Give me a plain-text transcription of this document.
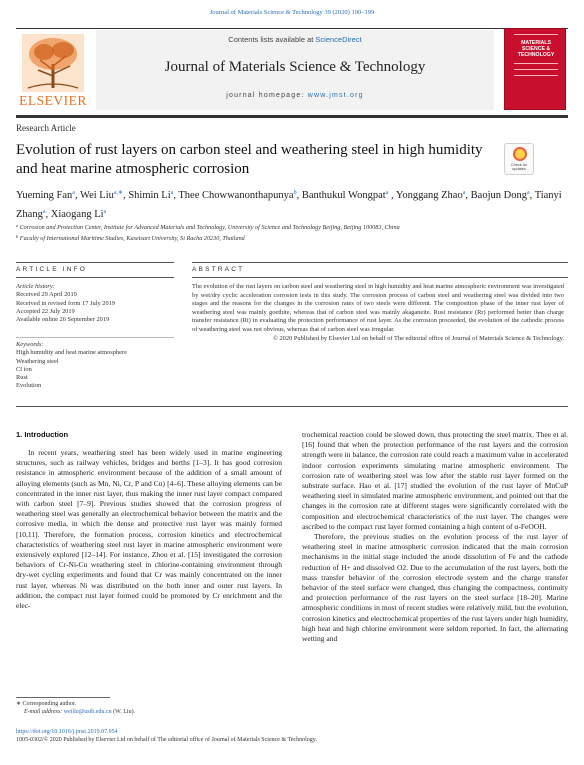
Journal of Materials Science & Technology 39 (2020) 190–199
ELSEVIER
Contents lists available at ScienceDirect
Journal of Materials Science & Technology
journal homepage: www.jmst.org
MATERIALS SCIENCE & TECHNOLOGY
Research Article
Evolution of rust layers on carbon steel and weathering steel in high humidity and heat marine atmospheric corrosion	Check for updates
Yueming Fan$^a$, Wei Liu$^{a,∗}$, Shimin Li$^a$, Thee Chowwanonthapunya$^b$, Banthukul Wongpat$^a$ , Yonggang Zhao$^a$, Baojun Dong$^a$, Tianyi Zhang$^a$, Xiaogang Li$^a$
$^a$ Corrosion and Protection Center, Institute for Advanced Materials and Technology, University of Science and Technology Beijing, Beijing 100083, China
$^b$ Faculty of International Maritime Studies, Kasetsart University, Si Racha 20230, Thailand
ARTICLE INFO	ABSTRACT
Article history:
Received 29 April 2019
Received in revised form 17 July 2019
Accepted 22 July 2019
Available online 26 September 2019
Keywords:
High humidity and heat marine atmosphere
Weathering steel
Cl ion
Rust
Evolution
The evolution of the rust layers on carbon steel and weathering steel in high humidity and heat marine atmospheric environment was investigated by wet/dry cyclic acceleration corrosion tests in this study. The corrosion process of carbon steel and weathering steel was divided into two stages and the reasons for the changes in the corrosion rates of two steels were different. The composition phase of the inner rust layer of weathering steel was mainly goethite, whereas that of carbon steel was mainly akaganeite. Rust resistance (Rr) performed better than charge transfer resistance (Rt) in evaluating the protection performance of rust layer. As the corrosion proceeded, the evolution of the cathodic process of weathering steel was not obvious, whereas that of carbon steel was irregular.
© 2020 Published by Elsevier Ltd on behalf of The editorial office of Journal of Materials Science & Technology.
1. Introduction

In recent years, weathering steel has been widely used in marine engineering structures, such as railway vehicles, bridges and berths [1–3]. It has good corrosion resistance in atmospheric environment because of the addition of a small amount of alloying elements (such as Mn, Ni, Cr, P and Cu) [4–6]. These alloying elements can be concentrated in the inner rust layer, thus making the inner rust layer compact compared with carbon steel [7–9]. Previous studies showed that the corrosion progress of weathering steel was generally an electrochemical behavior between the matrix and the corrosive media, in which the dense and protective rust layer was mainly formed [10,11]. Therefore, the formation process, corrosion kinetics and electrochemical characteristics of weathering steel rust layer in marine atmospheric environment were extensively explored [12–14]. For instance, Zhou et al. [15] investigated the corrosion behaviors of Cr-Ni-Cu weathering steel in chlorine-containing environment through dry-wet cycling experiments and found that Cr was mainly concentrated on the inner rust layer, whereas Ni was distributed on the both inner and outer rust layers. In addition, the compact rust layer formed could be promoted by Cr enrichment and the elec-

trochemical reaction could be slowed down, thus protecting the steel matrix. Thee et al. [16] found that when the protection performance of the rust layers and the corrosion strength were in balance, the corrosion rate could reach a maximum value in accelerated indoor corrosion experiments simulating marine atmospheric environment. The corrosion rate of weathering steel was low after the stable rust layer formed on the substrate surface. Hao et al. [17] studied the evolution of the rust layer of MnCuP weathering steel in simulated marine atmospheric environment, and pointed out that the changes in the corrosion rate at different stages were significantly correlated with the composition and electrochemical characteristics of the rust layer. The changes were ascribed to the compact rust layer formed containing a high content of α-FeOOH.

Therefore, the previous studies on the evolution process of the rust layer of weathering steel in marine atmospheric corrosion indicated that the main corrosion mechanisms in the initial stage included the anode dissolution of Fe and the cathode reduction of H+ and dissolved O2. Due to the accumulation of the rust layers, both the mass transfer behavior of the corrosion electrode system and the charge transfer behavior of the steel surface were changed, thus changing the compactness, continuity and protection performance of the rust layers on the steel surface [18–20]. Marine atmospheric conditions in most of recent studies were relatively mild, but the evolution, corrosion kinetics and electrochemical properties of the rust layers under high humidity, high heat and high chlorine environment were seldom reported. In fact, the alternating wetting and

∗ Corresponding author.
E-mail address: weiliu@ustb.edu.cn (W. Liu).
https://doi.org/10.1016/j.jmst.2019.07.054
1005-0302/© 2020 Published by Elsevier Ltd on behalf of The editorial office of Journal of Materials Science & Technology.
